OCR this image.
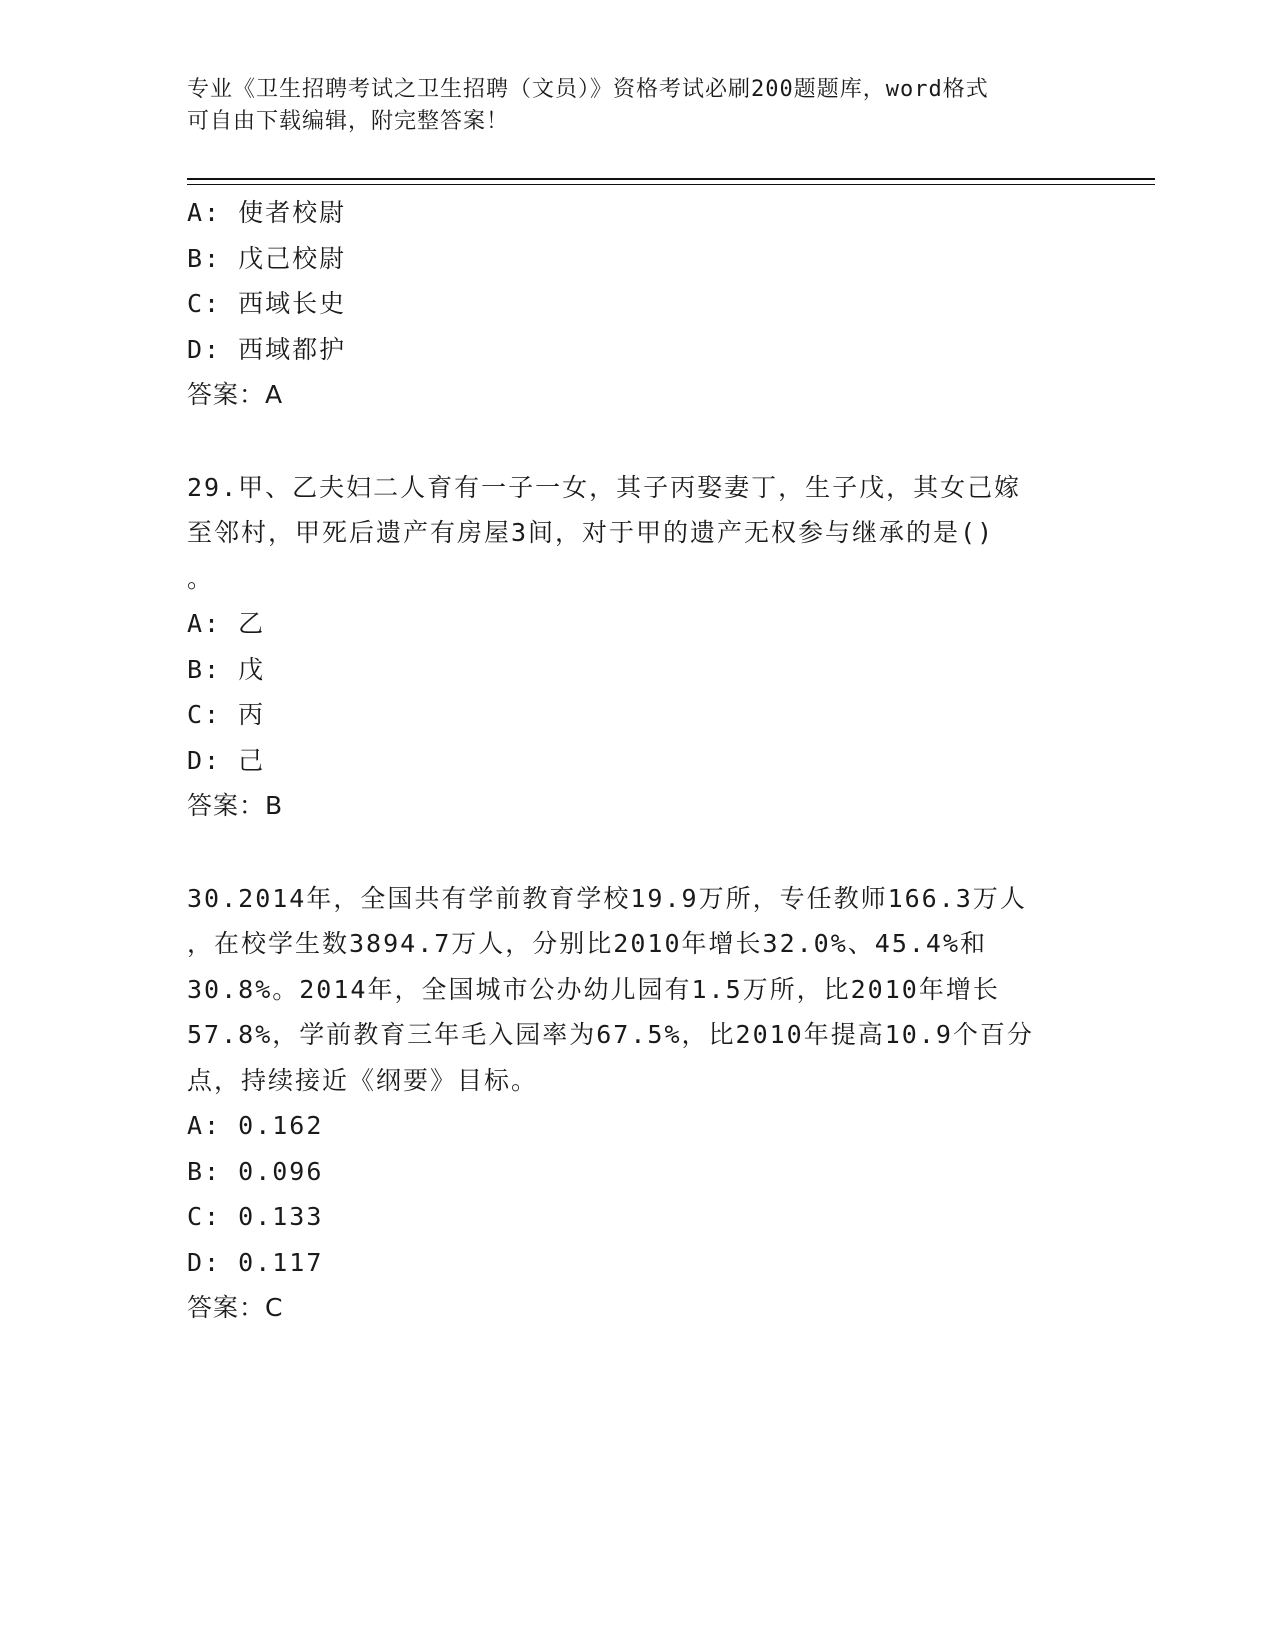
专业《卫生招聘考试之卫生招聘（文员）》资格考试必刷200题题库，word格式
可自由下载编辑，附完整答案！
A: 使者校尉
B: 戊己校尉
C: 西域长史
D: 西域都护
答案：A
29.甲、乙夫妇二人育有一子一女，其子丙娶妻丁，生子戊，其女己嫁
至邻村，甲死后遗产有房屋3间，对于甲的遗产无权参与继承的是()
。
A: 乙
B: 戊
C: 丙
D: 己
答案：B
30.2014年，全国共有学前教育学校19.9万所，专任教师166.3万人
，在校学生数3894.7万人，分别比2010年增长32.0%、45.4%和
30.8%。2014年，全国城市公办幼儿园有1.5万所，比2010年增长
57.8%，学前教育三年毛入园率为67.5%，比2010年提高10.9个百分
点，持续接近《纲要》目标。
A: 0.162
B: 0.096
C: 0.133
D: 0.117
答案：C
